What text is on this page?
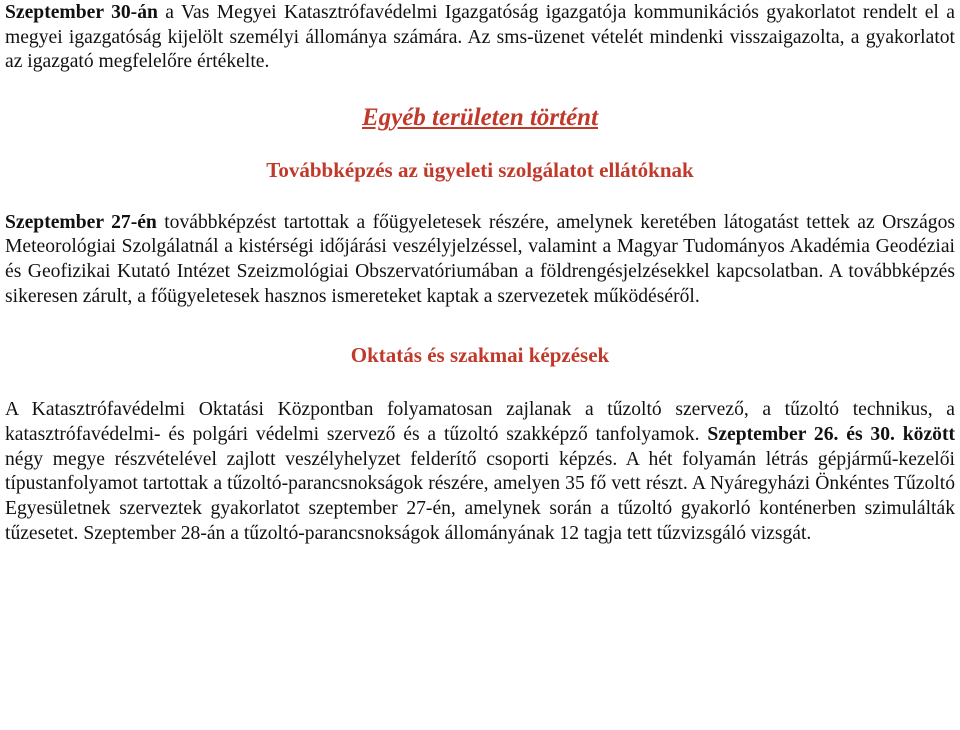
Szeptember 30-án a Vas Megyei Katasztrófavédelmi Igazgatóság igazgatója kommunikációs gyakorlatot rendelt el a megyei igazgatóság kijelölt személyi állománya számára. Az sms-üzenet vételét mindenki visszaigazolta, a gyakorlatot az igazgató megfelelőre értékelte.

Egyéb területen történt
Továbbképzés az ügyeleti szolgálatot ellátóknak

Szeptember 27-én továbbképzést tartottak a főügyeletesek részére, amelynek keretében látogatást tettek az Országos Meteorológiai Szolgálatnál a kistérségi időjárási veszélyjelzéssel, valamint a Magyar Tudományos Akadémia Geodéziai és Geofizikai Kutató Intézet Szeizmológiai Obszervatóriumában a földrengésjelzésekkel kapcsolatban. A továbbképzés sikeresen zárult, a főügyeletesek hasznos ismereteket kaptak a szervezetek működéséről.

Oktatás és szakmai képzések

A Katasztrófavédelmi Oktatási Központban folyamatosan zajlanak a tűzoltó szervező, a tűzoltó technikus, a katasztrófavédelmi- és polgári védelmi szervező és a tűzoltó szakképző tanfolyamok. Szeptember 26. és 30. között négy megye részvételével zajlott veszélyhelyzet felderítő csoporti képzés. A hét folyamán létrás gépjármű-kezelői típustanfolyamot tartottak a tűzoltó-parancsnokságok részére, amelyen 35 fő vett részt. A Nyáregyházi Önkéntes Tűzoltó Egyesületnek szerveztek gyakorlatot szeptember 27-én, amelynek során a tűzoltó gyakorló konténerben szimulálták tűzesetet. Szeptember 28-án a tűzoltó-parancsnokságok állományának 12 tagja tett tűzvizsgáló vizsgát.
